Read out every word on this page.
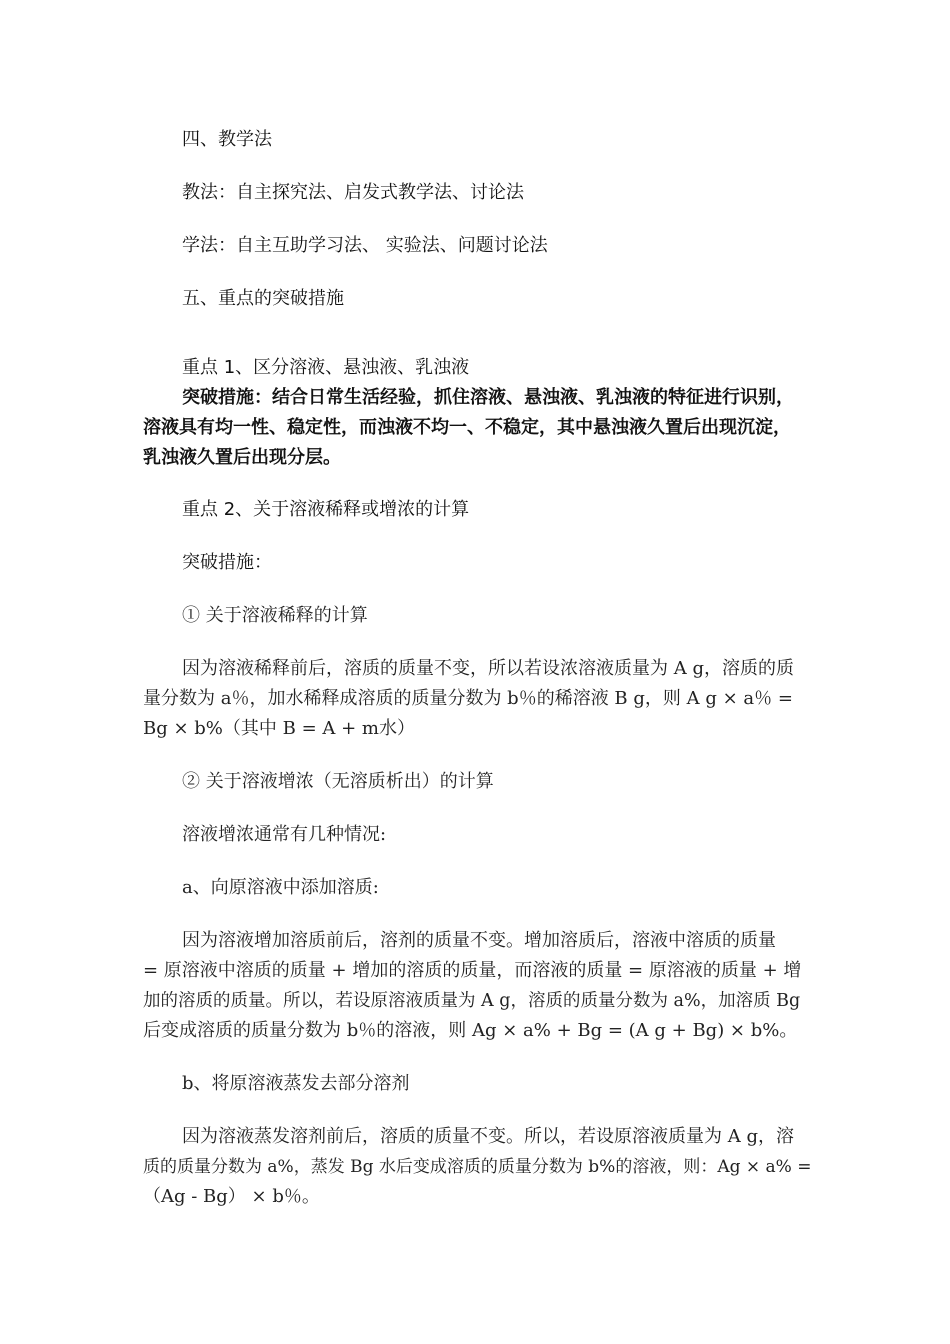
四、教学法
教法：自主探究法、启发式教学法、讨论法
学法：自主互助学习法、 实验法、问题讨论法
五、重点的突破措施
重点 1、区分溶液、悬浊液、乳浊液
突破措施：结合日常生活经验，抓住溶液、悬浊液、乳浊液的特征进行识别，
溶液具有均一性、稳定性，而浊液不均一、不稳定，其中悬浊液久置后出现沉淀，
乳浊液久置后出现分层。
重点 2、关于溶液稀释或增浓的计算
突破措施：
① 关于溶液稀释的计算
因为溶液稀释前后，溶质的质量不变，所以若设浓溶液质量为 A g，溶质的质
量分数为 a％，加水稀释成溶质的质量分数为 b％的稀溶液 B g，则 A g × a％ =
Bg × b%（其中 B = A + m水）
② 关于溶液增浓（无溶质析出）的计算
溶液增浓通常有几种情况:
a、向原溶液中添加溶质:
因为溶液增加溶质前后，溶剂的质量不变。增加溶质后，溶液中溶质的质量
= 原溶液中溶质的质量 + 增加的溶质的质量，而溶液的质量 = 原溶液的质量 + 增
加的溶质的质量。所以，若设原溶液质量为 A g，溶质的质量分数为 a%，加溶质 Bg
后变成溶质的质量分数为 b％的溶液，则 Ag × a% + Bg = (A g + Bg) × b%。
b、将原溶液蒸发去部分溶剂
因为溶液蒸发溶剂前后，溶质的质量不变。所以，若设原溶液质量为 A g，溶
质的质量分数为 a%，蒸发 Bg 水后变成溶质的质量分数为 b%的溶液，则：Ag × a% =
（Ag - Bg） × b％。
